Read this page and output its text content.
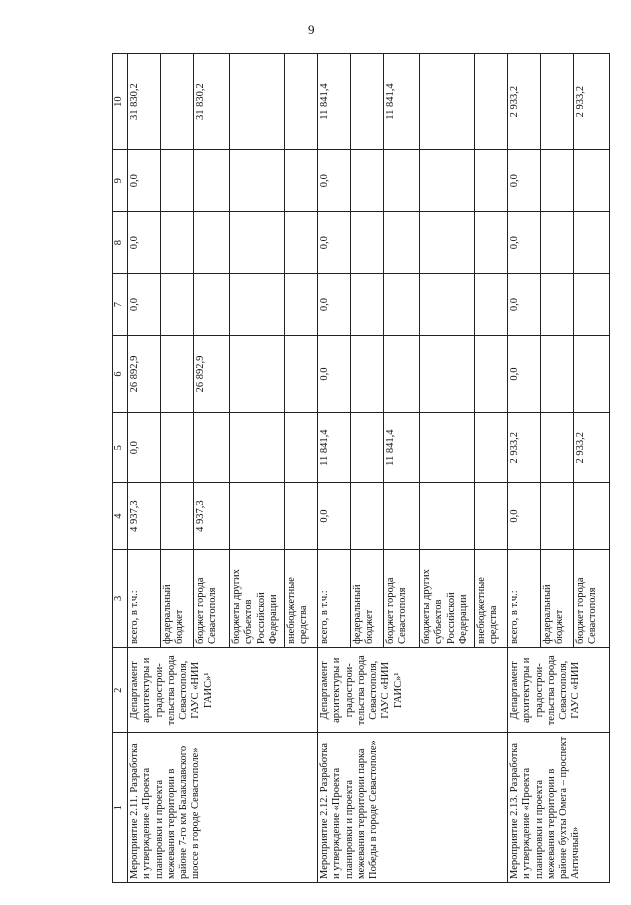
9
1	2	3	4	5	6	7	8	9	10
Мероприятие 2.11. Разработка и утверждение «Проекта планировки и проекта межевания территории в районе 7-го км Балаклавского шоссе в городе Севастополе»	Департамент архитектуры и градострои-тельства города Севастополя, ГАУС «НИИ ГАИС»¹	всего, в т.ч.:	4 937,3	0,0	26 892,9	0,0	0,0	0,0	31 830,2
		федеральный бюджет							
		бюджет города Севастополя	4 937,3		26 892,9				31 830,2
		бюджеты других субъектов Российской Федерации							
		внебюджетные средства							
Мероприятие 2.12. Разработка и утверждение «Проекта планировки и проекта межевания территории парка Победы в городе Севастополе»	Департамент архитектуры и градострои-тельства города Севастополя, ГАУС «НИИ ГАИС»¹	всего, в т.ч.:	0,0	11 841,4	0,0	0,0	0,0	0,0	11 841,4
		федеральный бюджет							
		бюджет города Севастополя		11 841,4					11 841,4
		бюджеты других субъектов Российской Федерации							
		внебюджетные средства							
Мероприятие 2.13. Разработка и утверждение «Проекта планировки и проекта межевания территории в районе бухты Омега – проспект Античный»	Департамент архитектуры и градострои-тельства города Севастополя, ГАУС «НИИ	всего, в т.ч.:	0,0	2 933,2	0,0	0,0	0,0	0,0	2 933,2
		федеральный бюджет							
		бюджет города Севастополя		2 933,2					2 933,2
